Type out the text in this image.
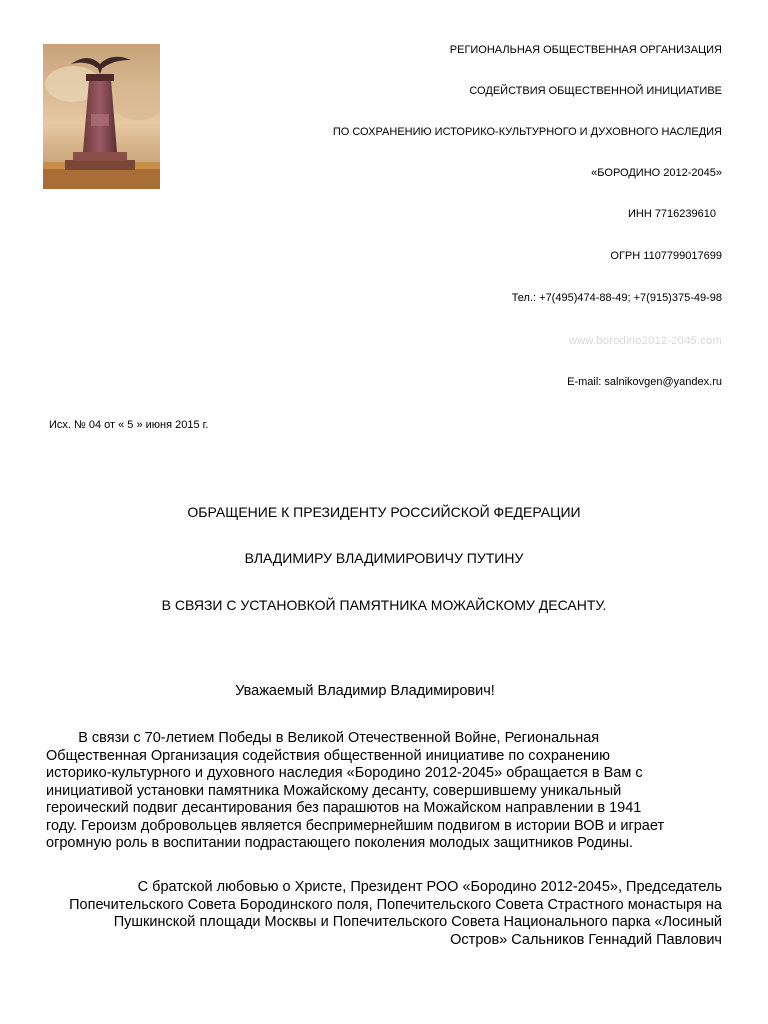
РЕГИОНАЛЬНАЯ ОБЩЕСТВЕННАЯ ОРГАНИЗАЦИЯ
СОДЕЙСТВИЯ ОБЩЕСТВЕННОЙ ИНИЦИАТИВЕ
ПО СОХРАНЕНИЮ ИСТОРИКО-КУЛЬТУРНОГО И ДУХОВНОГО НАСЛЕДИЯ
«БОРОДИНО 2012-2045»
ИНН 7716239610
ОГРН 1107799017699
Тел.: +7(495)474-88-49; +7(915)375-49-98
www.borodino2012-2045.com
E-mail: salnikovgen@yandex.ru
Исх. № 04 от « 5 » июня 2015 г.
ОБРАЩЕНИЕ К ПРЕЗИДЕНТУ РОССИЙСКОЙ ФЕДЕРАЦИИ
ВЛАДИМИРУ ВЛАДИМИРОВИЧУ ПУТИНУ
В СВЯЗИ С УСТАНОВКОЙ ПАМЯТНИКА МОЖАЙСКОМУ ДЕСАНТУ.
Уважаемый Владимир Владимирович!
В связи с 70-летием Победы в Великой Отечественной Войне, Региональная
Общественная Организация содействия общественной инициативе по сохранению
историко-культурного и духовного наследия «Бородино 2012-2045» обращается в Вам с
инициативой установки памятника Можайскому десанту, совершившему уникальный
героический подвиг десантирования без парашютов на Можайском направлении в 1941
году. Героизм добровольцев является беспримернейшим подвигом в истории ВОВ и играет
огромную роль в воспитании подрастающего поколения молодых защитников Родины.
С братской любовью о Христе, Президент РОО «Бородино 2012-2045», Председатель
Попечительского Совета Бородинского поля, Попечительского Совета Страстного монастыря на
Пушкинской площади Москвы и Попечительского Совета Национального парка «Лосиный
Остров» Сальников Геннадий Павлович
